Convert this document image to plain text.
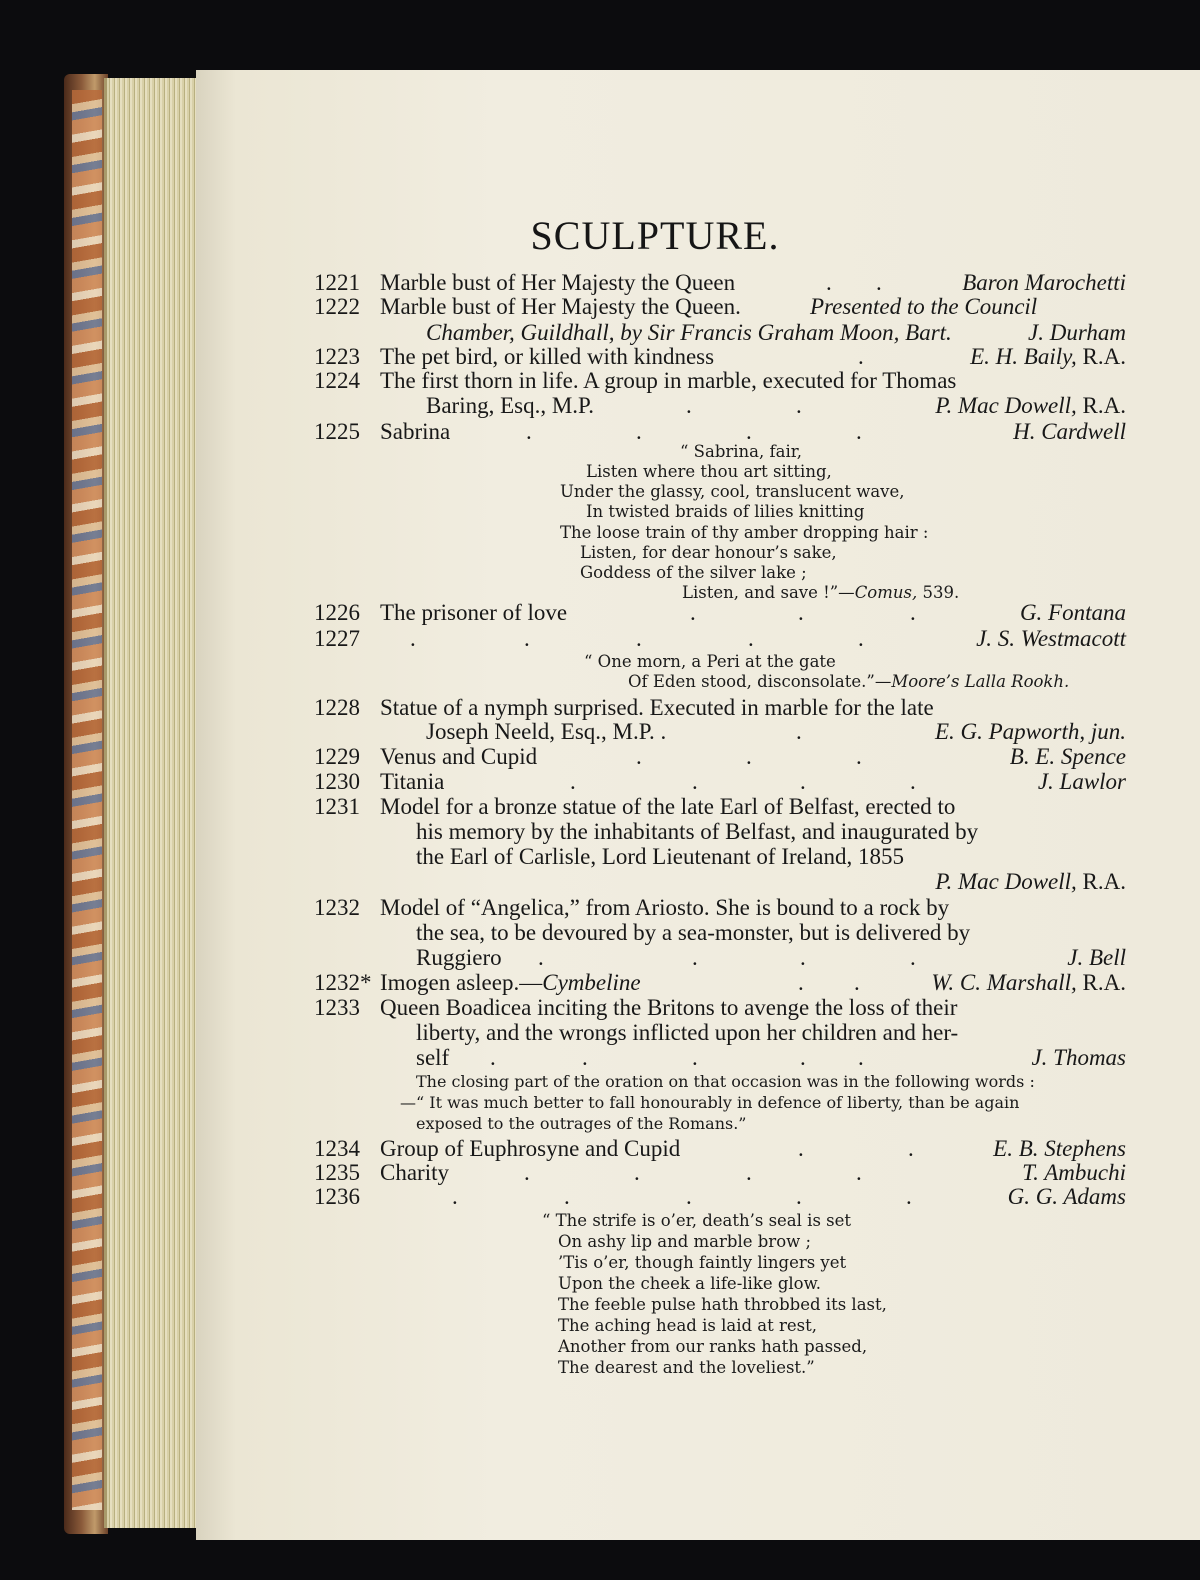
SCULPTURE.
1221 Marble bust of Her Majesty the Queen	. .	Baron Marochetti
1222 Marble bust of Her Majesty the Queen.	Presented to the Council
Chamber, Guildhall, by Sir Francis Graham Moon, Bart.	J. Durham
1223 The pet bird, or killed with kindness	.	E. H. Baily, R.A.
1224 The first thorn in life. A group in marble, executed for Thomas
Baring, Esq., M.P.	.	.	P. Mac Dowell, R.A.
1225 Sabrina	.	.	.	.	H. Cardwell
“ Sabrina, fair,
Listen where thou art sitting,
Under the glassy, cool, translucent wave,
In twisted braids of lilies knitting
The loose train of thy amber dropping hair :
Listen, for dear honour’s sake,
Goddess of the silver lake ;
Listen, and save !”—Comus, 539.
1226 The prisoner of love	.	.	.	G. Fontana
1227 .	.	.	.	.	J. S. Westmacott
“ One morn, a Peri at the gate
Of Eden stood, disconsolate.”—Moore’s Lalla Rookh.
1228 Statue of a nymph surprised. Executed in marble for the late
Joseph Neeld, Esq., M.P. .	.	E. G. Papworth, jun.
1229 Venus and Cupid	.	.	.	B. E. Spence
1230 Titania	.	.	.	.	J. Lawlor
1231 Model for a bronze statue of the late Earl of Belfast, erected to
his memory by the inhabitants of Belfast, and inaugurated by
the Earl of Carlisle, Lord Lieutenant of Ireland, 1855
P. Mac Dowell, R.A.
1232 Model of “Angelica,” from Ariosto. She is bound to a rock by
the sea, to be devoured by a sea-monster, but is delivered by
Ruggiero .	.	.	.	J. Bell
1232* Imogen asleep.—Cymbeline	. .	W. C. Marshall, R.A.
1233 Queen Boadicea inciting the Britons to avenge the loss of their
liberty, and the wrongs inflicted upon her children and her-
self .	.	.	. .	J. Thomas
The closing part of the oration on that occasion was in the following words :
—“ It was much better to fall honourably in defence of liberty, than be again
exposed to the outrages of the Romans.”
1234 Group of Euphrosyne and Cupid	.	.	E. B. Stephens
1235 Charity	.	.	.	.	T. Ambuchi
1236	.	.	.	.	.	G. G. Adams
“ The strife is o’er, death’s seal is set
On ashy lip and marble brow ;
’Tis o’er, though faintly lingers yet
Upon the cheek a life-like glow.
The feeble pulse hath throbbed its last,
The aching head is laid at rest,
Another from our ranks hath passed,
The dearest and the loveliest.”
